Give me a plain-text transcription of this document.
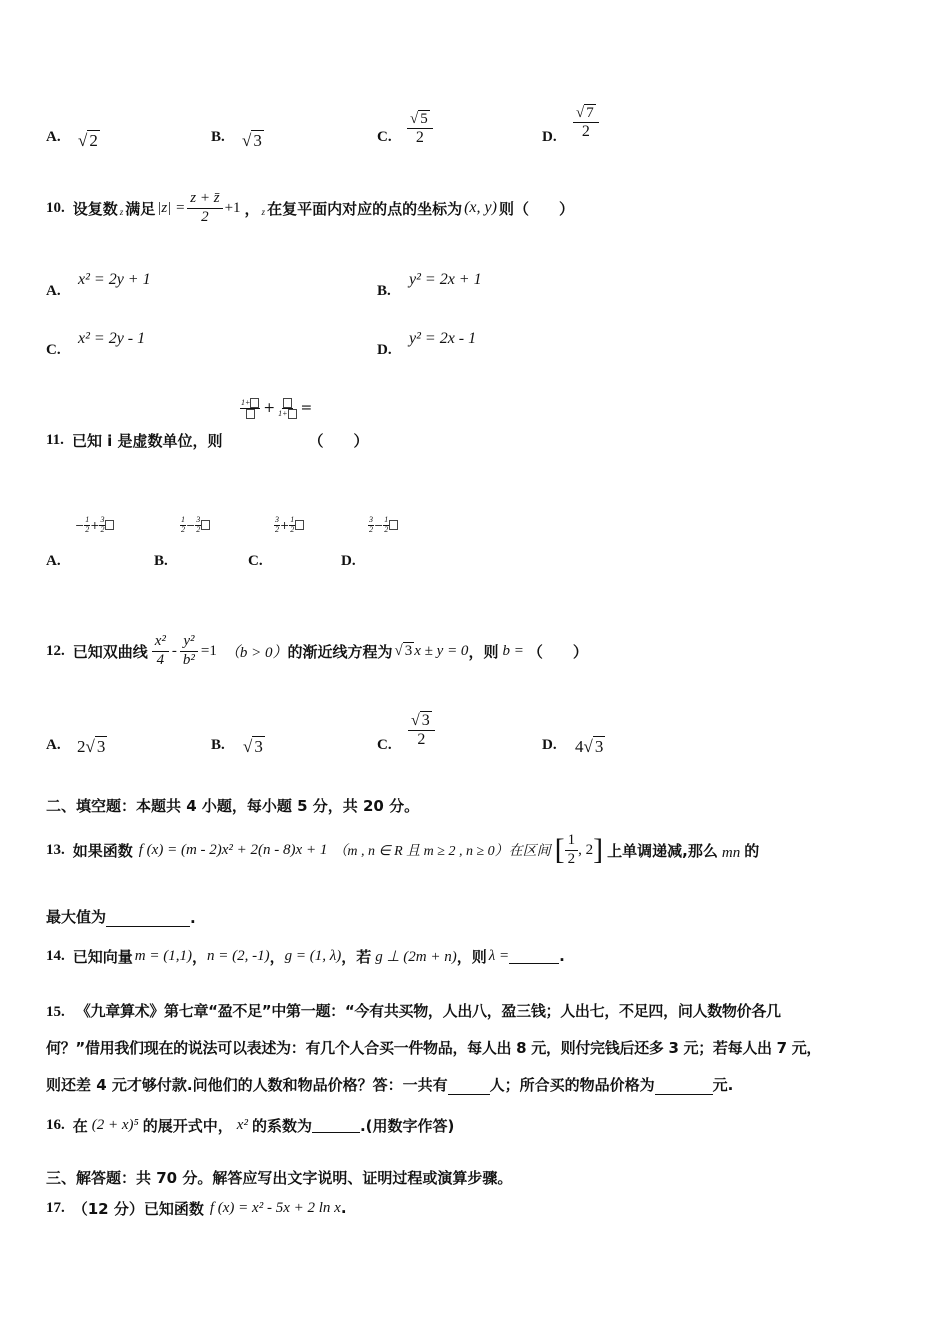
A. √ 2	B. √ 3	C. $\frac{√ 5}{2}$	D. $\frac{√ 7}{2}$
10. 设复数 z 满足 $|z| = \frac{z + z̄}{2} +1$ ， z 在复平面内对应的点的坐标为 (x, y) 则（　　）
A.
x² = 2y + 1
B.
y² = 2x + 1
C.
x² = 2y - 1
D.
y² = 2x - 1
1+ + 1+ =
11. 已知 i 是虚数单位，则	（　　）
− 1
2 + 3
2
1
2 − 3
2
3
2 + 1
2
3
2 − 1
2
A.	B.	C.	D.
12. 已知双曲线 $\frac{\text{x²}}{4} - \frac{\text{y²}}{\text{b²}} =1$ （b > 0） 的渐近线方程为 √ 3 x ± y = 0 ，则 b = （　　）
A. 2√ 3	B. √ 3	C. $\frac{√ 3}{2}$	D. 4√ 3
二、填空题：本题共 4 小题，每小题 5 分，共 20 分。
13. 如果函数 f (x) = (m - 2)x² + 2(n - 8)x + 1 （m , n ∈ R 且 m ≥ 2 , n ≥ 0）在区间 [ $\frac{1}{2}$ , 2 ] 上单调递减,那么 mn 的
最大值为	.
14. 已知向量 m = (1,1) ， n = (2, -1) ， g = (1, λ) ，若 g ⊥ (2m + n) ，则 λ =	.
15. 《九章算术》第七章“盈不足”中第一题：“今有共买物，人出八，盈三钱；人出七，不足四，问人数物价各几
何？”借用我们现在的说法可以表述为：有几个人合买一件物品，每人出 8 元，则付完钱后还多 3 元；若每人出 7 元，
则还差 4 元才够付款.问他们的人数和物品价格？答：一共有	人；所合买的物品价格为	元.
16. 在 (2 + x)⁵ 的展开式中， x² 的系数为	.(用数字作答)
三、解答题：共 70 分。解答应写出文字说明、证明过程或演算步骤。
17. （12 分）已知函数 f (x) = x² - 5x + 2 ln x .
